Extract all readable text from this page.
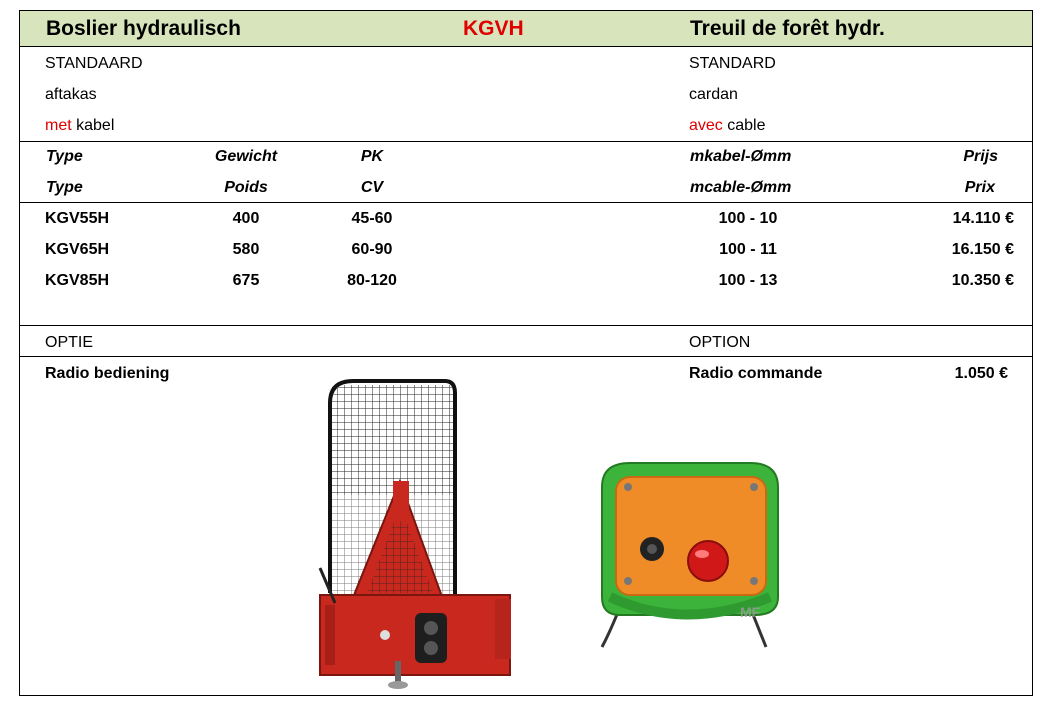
Boslier hydraulisch	KGVH	Treuil de forêt hydr.
STANDAARD	STANDARD
aftakas	cardan
met kabel	avec cable
Type	Gewicht	PK	mkabel-Ømm	Prijs
Type	Poids	CV	mcable-Ømm	Prix
KGV55H	400	45-60	100 - 10	14.110 €
KGV65H	580	60-90	100 - 11	16.150 €
KGV85H	675	80-120	100 - 13	10.350 €
OPTIE	OPTION
Radio bediening	Radio commande	1.050 €
MF
